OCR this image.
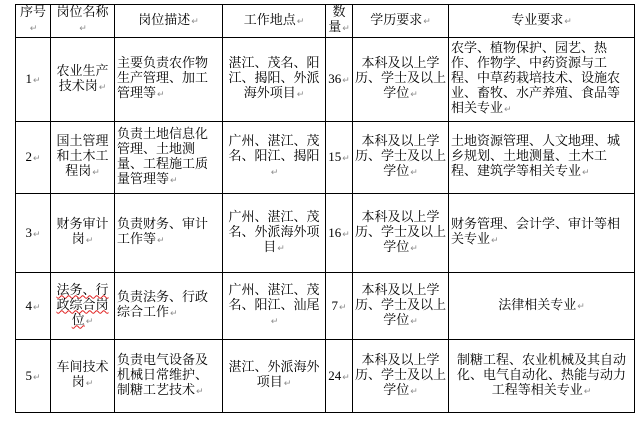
序号↵	岗位名称↵	岗位描述↵	工作地点↵	数量↵	学历要求↵	专业要求↵
1↵	农业生产技术岗↵	主要负责农作物生产管理、加工管理等↵	湛江、茂名、阳江、揭阳、外派海外项目↵	36↵	本科及以上学历、学士及以上学位↵	农学、植物保护、园艺、热作、作物学、中药资源与工程、中草药栽培技术、设施农业、畜牧、水产养殖、食品等相关专业↵
2↵	国土管理和土木工程岗↵	负责土地信息化管理、土地测量、工程施工质量管理等↵	广州、湛江、茂名、阳江、揭阳↵	15↵	本科及以上学历、学士及以上学位↵	土地资源管理、人文地理、城乡规划、土地测量、土木工程、建筑学等相关专业↵
3↵	财务审计岗↵	负责财务、审计工作等↵	广州、湛江、茂名、外派海外项目↵	16↵	本科及以上学历、学士及以上学位↵	财务管理、会计学、审计等相关专业↵
4↵	法务、行政综合岗位↵	负责法务、行政综合工作↵	广州、湛江、茂名、阳江、汕尾↵	7↵	本科及以上学历、学士及以上学位↵	法律相关专业↵
5↵	车间技术岗↵	负责电气设备及机械日常维护、制糖工艺技术↵	湛江、外派海外项目↵	24↵	本科及以上学历、学士及以上学位↵	制糖工程、农业机械及其自动化、电气自动化、热能与动力工程等相关专业↵
